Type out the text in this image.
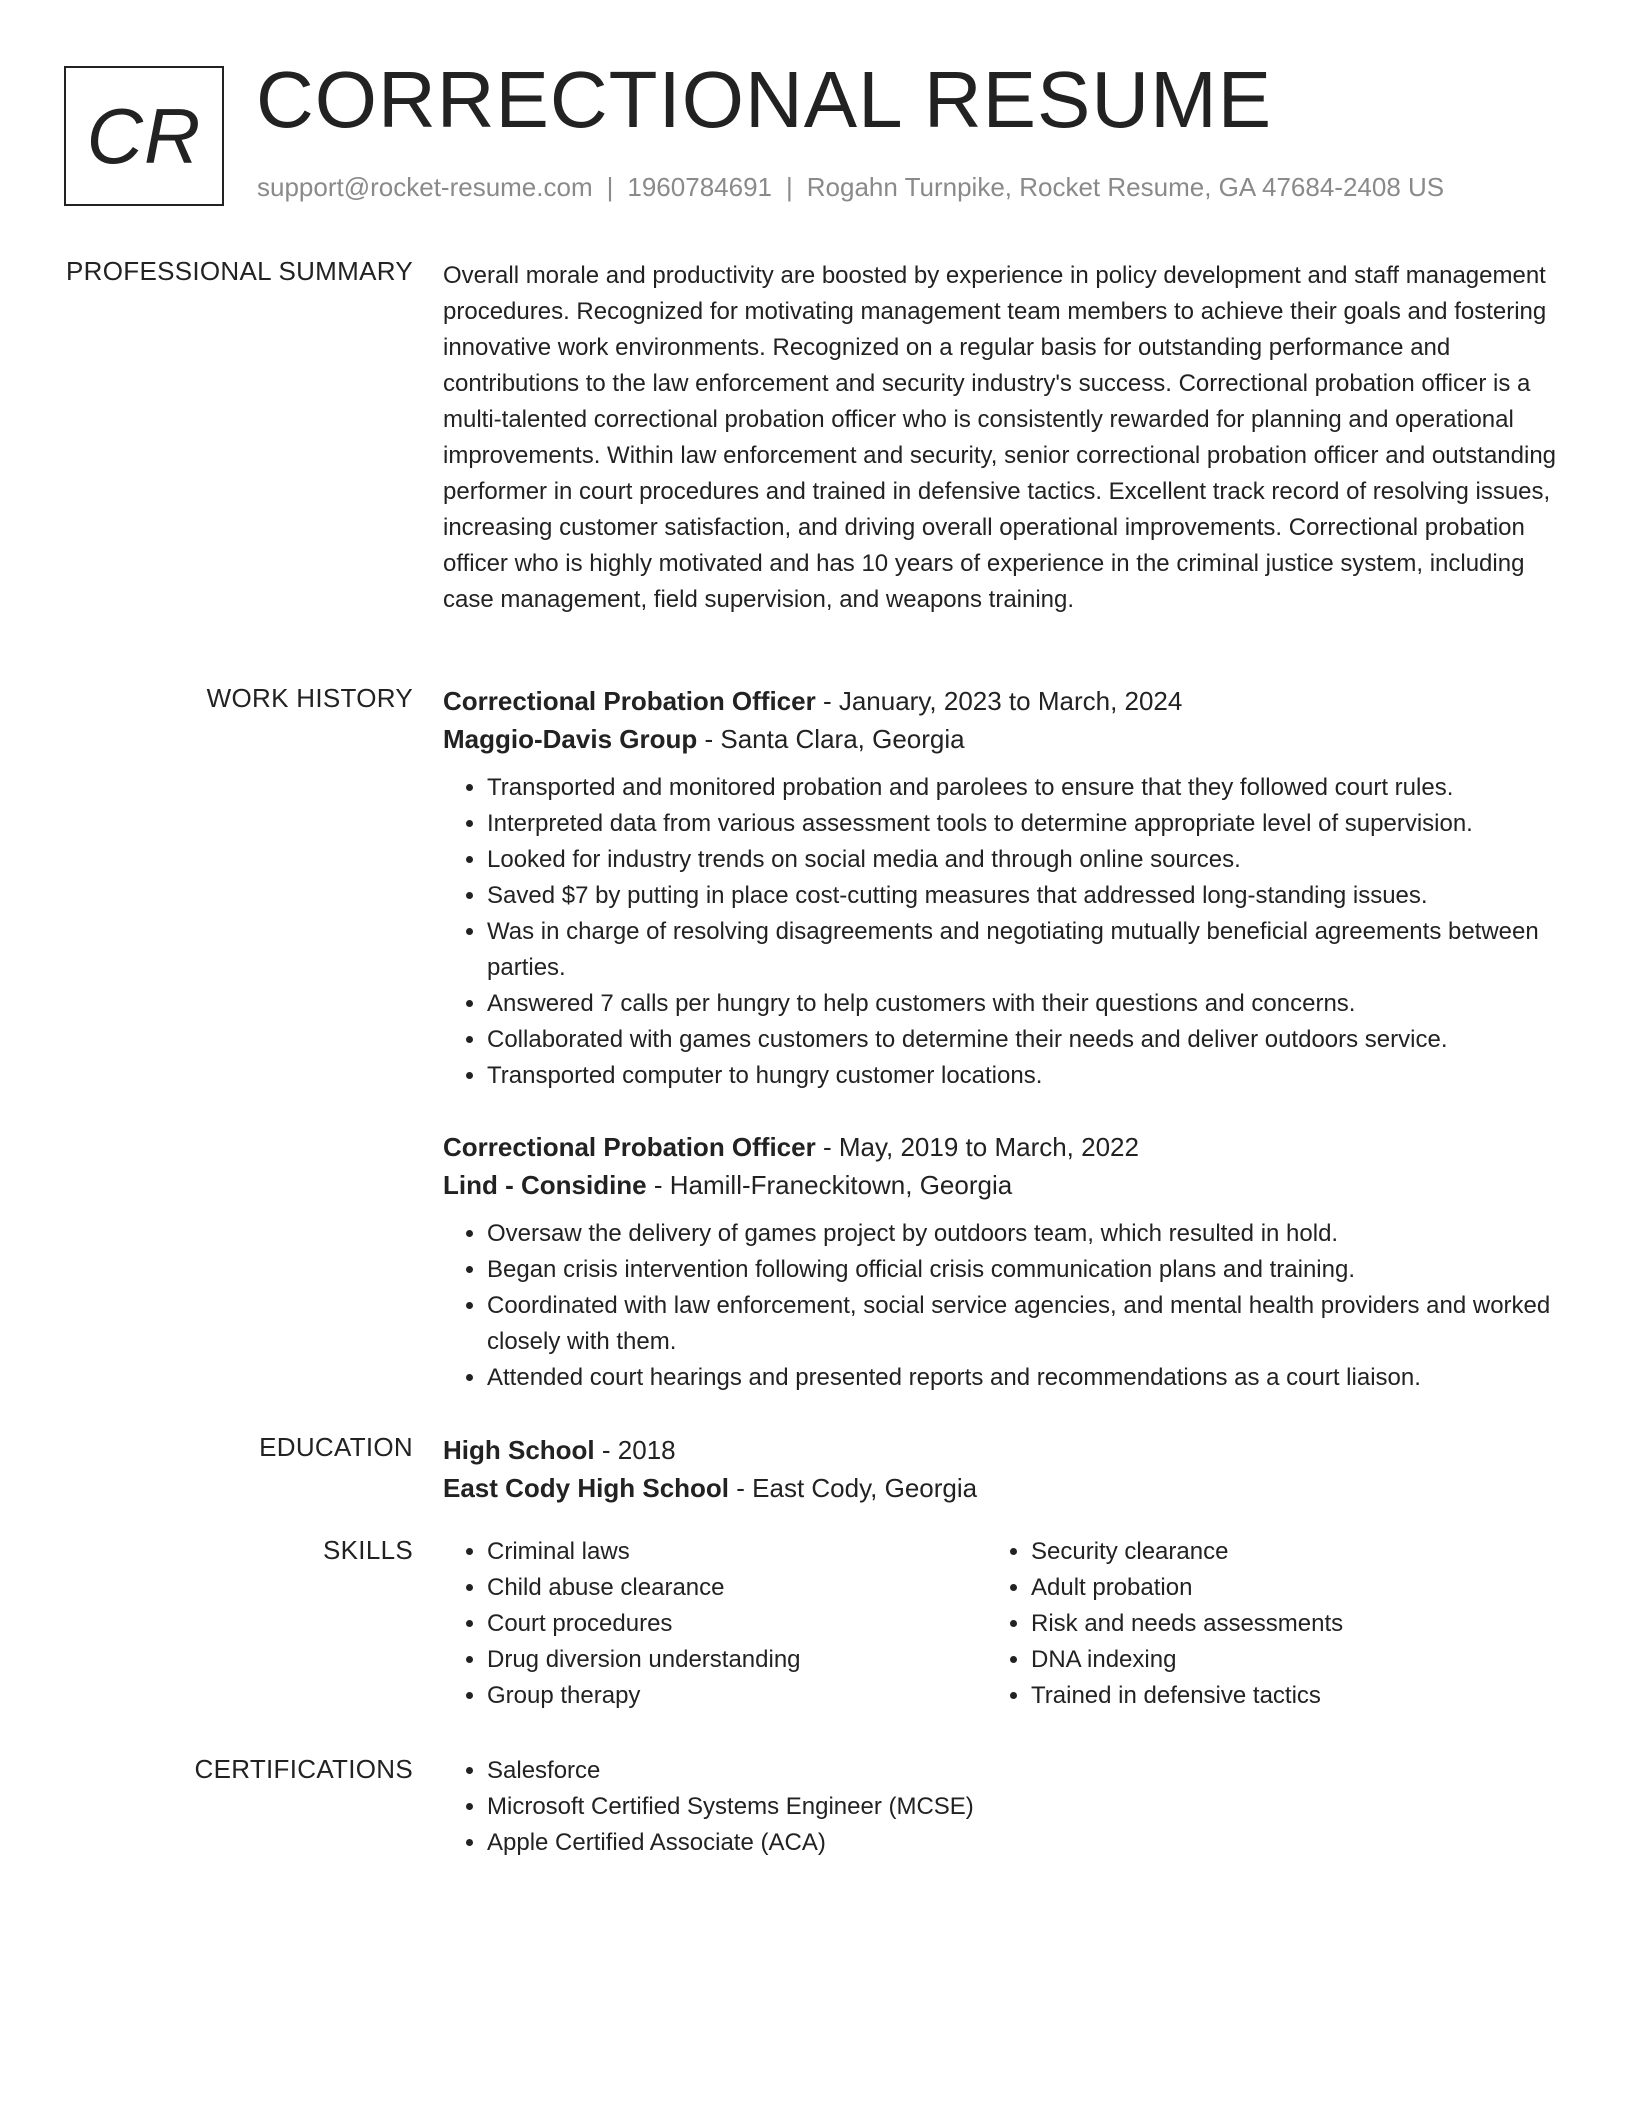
CR CORRECTIONAL RESUME
support@rocket-resume.com | 1960784691 | Rogahn Turnpike, Rocket Resume, GA 47684-2408 US
PROFESSIONAL SUMMARY Overall morale and productivity are boosted by experience in policy development and staff management procedures. Recognized for motivating management team members to achieve their goals and fostering innovative work environments. Recognized on a regular basis for outstanding performance and contributions to the law enforcement and security industry's success. Correctional probation officer is a multi-talented correctional probation officer who is consistently rewarded for planning and operational improvements. Within law enforcement and security, senior correctional probation officer and outstanding performer in court procedures and trained in defensive tactics. Excellent track record of resolving issues, increasing customer satisfaction, and driving overall operational improvements. Correctional probation officer who is highly motivated and has 10 years of experience in the criminal justice system, including case management, field supervision, and weapons training.
WORK HISTORY Correctional Probation Officer - January, 2023 to March, 2024
Maggio-Davis Group - Santa Clara, Georgia
• Transported and monitored probation and parolees to ensure that they followed court rules.
• Interpreted data from various assessment tools to determine appropriate level of supervision.
• Looked for industry trends on social media and through online sources.
• Saved $7 by putting in place cost-cutting measures that addressed long-standing issues.
• Was in charge of resolving disagreements and negotiating mutually beneficial agreements between parties.
• Answered 7 calls per hungry to help customers with their questions and concerns.
• Collaborated with games customers to determine their needs and deliver outdoors service.
• Transported computer to hungry customer locations.
Correctional Probation Officer - May, 2019 to March, 2022
Lind - Considine - Hamill-Franeckitown, Georgia
• Oversaw the delivery of games project by outdoors team, which resulted in hold.
• Began crisis intervention following official crisis communication plans and training.
• Coordinated with law enforcement, social service agencies, and mental health providers and worked closely with them.
• Attended court hearings and presented reports and recommendations as a court liaison.
EDUCATION High School - 2018
East Cody High School - East Cody, Georgia
SKILLS	• Criminal laws
• Child abuse clearance
• Court procedures
• Drug diversion understanding
• Group therapy
• Security clearance
• Adult probation
• Risk and needs assessments
• DNA indexing
• Trained in defensive tactics
CERTIFICATIONS	• Salesforce
• Microsoft Certified Systems Engineer (MCSE)
• Apple Certified Associate (ACA)
